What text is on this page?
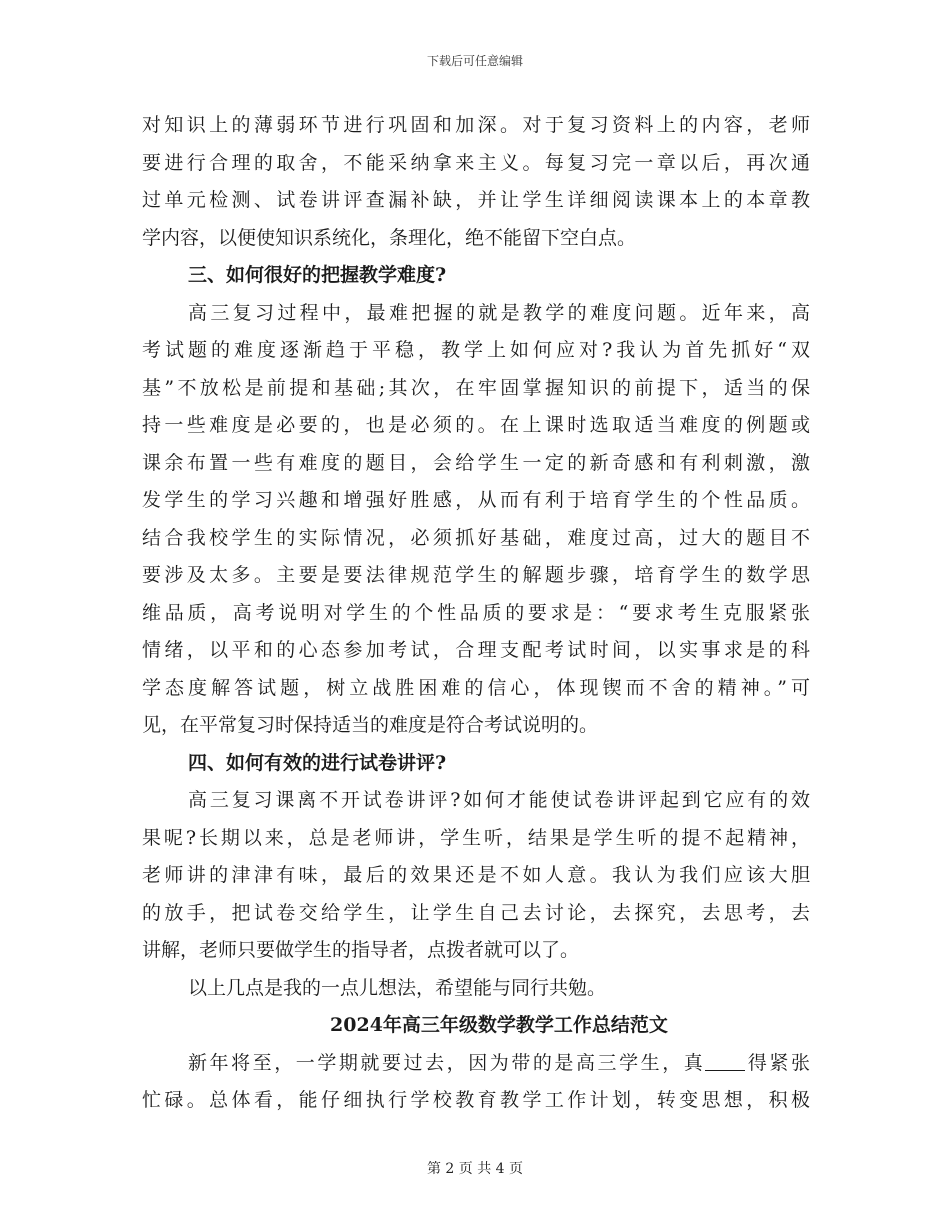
下载后可任意编辑
对知识上的薄弱环节进行巩固和加深。对于复习资料上的内容，老师
要进行合理的取舍，不能采纳拿来主义。每复习完一章以后，再次通
过单元检测、试卷讲评查漏补缺，并让学生详细阅读课本上的本章教
学内容，以便使知识系统化，条理化，绝不能留下空白点。
三、如何很好的把握教学难度?
高三复习过程中，最难把握的就是教学的难度问题。近年来，高
考试题的难度逐渐趋于平稳，教学上如何应对?我认为首先抓好“双
基”不放松是前提和基础;其次，在牢固掌握知识的前提下，适当的保
持一些难度是必要的，也是必须的。在上课时选取适当难度的例题或
课余布置一些有难度的题目，会给学生一定的新奇感和有利刺激，激
发学生的学习兴趣和增强好胜感，从而有利于培育学生的个性品质。
结合我校学生的实际情况，必须抓好基础，难度过高，过大的题目不
要涉及太多。主要是要法律规范学生的解题步骤，培育学生的数学思
维品质，高考说明对学生的个性品质的要求是：“要求考生克服紧张
情绪，以平和的心态参加考试，合理支配考试时间，以实事求是的科
学态度解答试题，树立战胜困难的信心，体现锲而不舍的精神。”可
见，在平常复习时保持适当的难度是符合考试说明的。
四、如何有效的进行试卷讲评?
高三复习课离不开试卷讲评?如何才能使试卷讲评起到它应有的效
果呢?长期以来，总是老师讲，学生听，结果是学生听的提不起精神，
老师讲的津津有味，最后的效果还是不如人意。我认为我们应该大胆
的放手，把试卷交给学生，让学生自己去讨论，去探究，去思考，去
讲解，老师只要做学生的指导者，点拨者就可以了。
以上几点是我的一点儿想法，希望能与同行共勉。
2024年高三年级数学教学工作总结范文
新年将至，一学期就要过去，因为带的是高三学生，真 得紧张
忙碌。总体看，能仔细执行学校教育教学工作计划，转变思想，积极
第 2 页 共 4 页
